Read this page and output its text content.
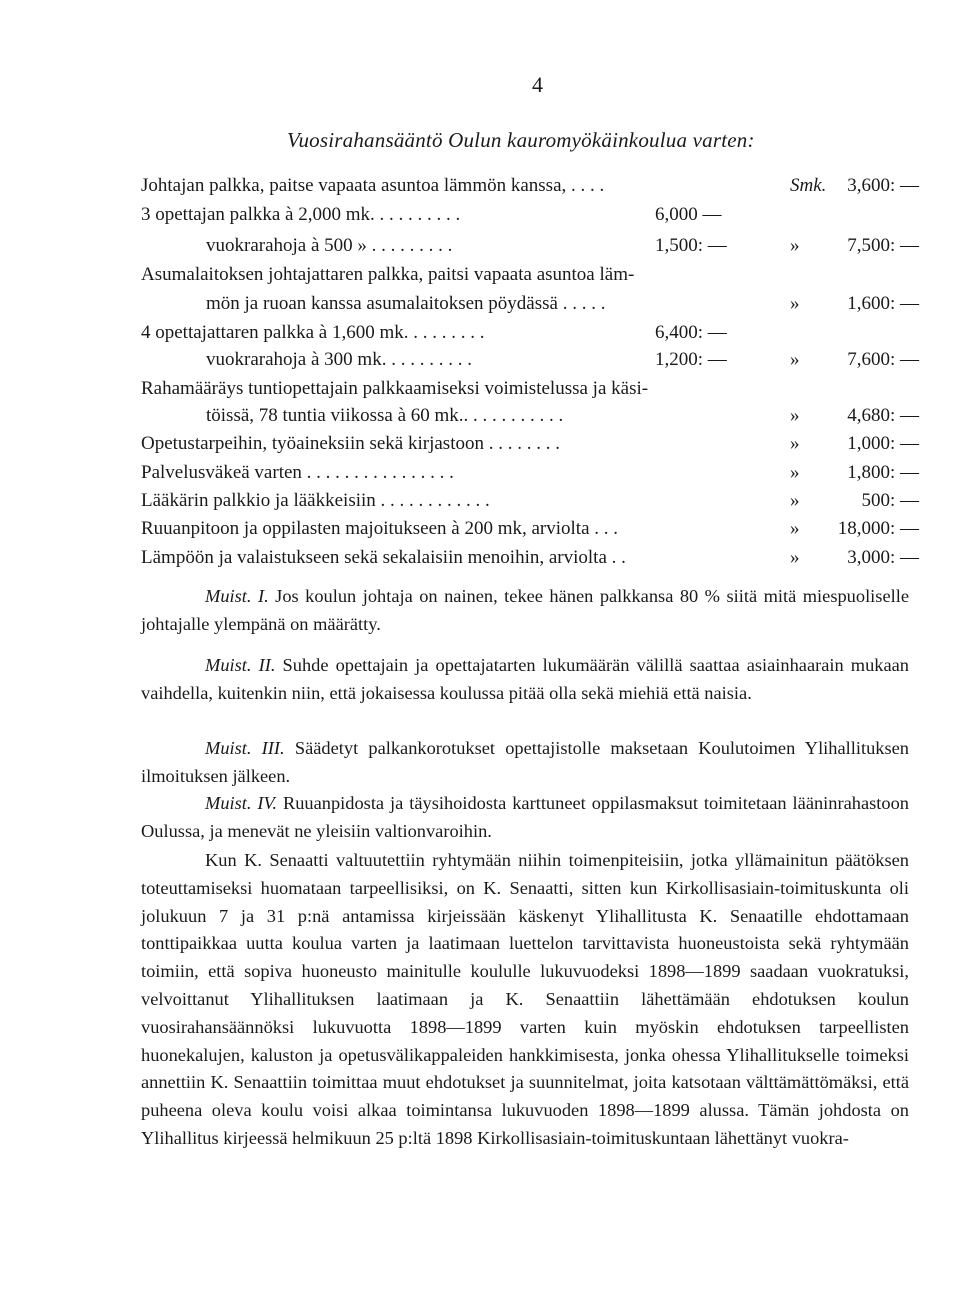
4
Vuosirahansääntö Oulun kauromyökäinkoulua varten:
Johtajan palkka, paitse vapaata asuntoa lämmön kanssa, . . . .	Smk.	3,600: —
3 opettajan palkka à 2,000 mk. . . . . . . . . .	6,000 —
vuokrarahoja à 500 » . . . . . . . . .	1,500: —	»	7,500: —
Asumalaitoksen johtajattaren palkka, paitsi vapaata asuntoa läm-
mön ja ruoan kanssa asumalaitoksen pöydässä . . . . .	»	1,600: —
4 opettajattaren palkka à 1,600 mk. . . . . . . . .	6,400: —
vuokrarahoja à 300 mk. . . . . . . . . .	1,200: —	»	7,600: —
Rahamääräys tuntiopettajain palkkaamiseksi voimistelussa ja käsi-
töissä, 78 tuntia viikossa à 60 mk.. . . . . . . . . . .	»	4,680: —
Opetustarpeihin, työaineksiin sekä kirjastoon . . . . . . . .	»	1,000: —
Palvelusväkeä varten . . . . . . . . . . . . . . . .	»	1,800: —
Lääkärin palkkio ja lääkkeisiin . . . . . . . . . . . .	»	500: —
Ruuanpitoon ja oppilasten majoitukseen à 200 mk, arviolta . . .	»	18,000: —
Lämpöön ja valaistukseen sekä sekalaisiin menoihin, arviolta . .	»	3,000: —

Muist. I. Jos koulun johtaja on nainen, tekee hänen palkkansa 80 % siitä mitä miespuoliselle johtajalle ylempänä on määrätty.

Muist. II. Suhde opettajain ja opettajatarten lukumäärän välillä saattaa asiainhaarain mukaan vaihdella, kuitenkin niin, että jokaisessa koulussa pitää olla sekä miehiä että naisia.

Muist. III. Säädetyt palkankorotukset opettajistolle maksetaan Koulutoimen Ylihallituksen ilmoituksen jälkeen.

Muist. IV. Ruuanpidosta ja täysihoidosta karttuneet oppilasmaksut toimitetaan lääninrahastoon Oulussa, ja menevät ne yleisiin valtionvaroihin.

Kun K. Senaatti valtuutettiin ryhtymään niihin toimenpiteisiin, jotka yllämainitun päätöksen toteuttamiseksi huomataan tarpeellisiksi, on K. Senaatti, sitten kun Kirkollisasiain-toimituskunta oli jolukuun 7 ja 31 p:nä antamissa kirjeissään käskenyt Ylihallitusta K. Senaatille ehdottamaan tonttipaikkaa uutta koulua varten ja laatimaan luettelon tarvittavista huoneustoista sekä ryhtymään toimiin, että sopiva huoneusto mainitulle koululle lukuvuodeksi 1898—1899 saadaan vuokratuksi, velvoittanut Ylihallituksen laatimaan ja K. Senaattiin lähettämään ehdotuksen koulun vuosirahansäännöksi lukuvuotta 1898—1899 varten kuin myöskin ehdotuksen tarpeellisten huonekalujen, kaluston ja opetusvälikappaleiden hankkimisesta, jonka ohessa Ylihallitukselle toimeksi annettiin K. Senaattiin toimittaa muut ehdotukset ja suunnitelmat, joita katsotaan välttämättömäksi, että puheena oleva koulu voisi alkaa toimintansa lukuvuoden 1898—1899 alussa. Tämän johdosta on Ylihallitus kirjeessä helmikuun 25 p:ltä 1898 Kirkollisasiain-toimituskuntaan lähettänyt vuokra-
